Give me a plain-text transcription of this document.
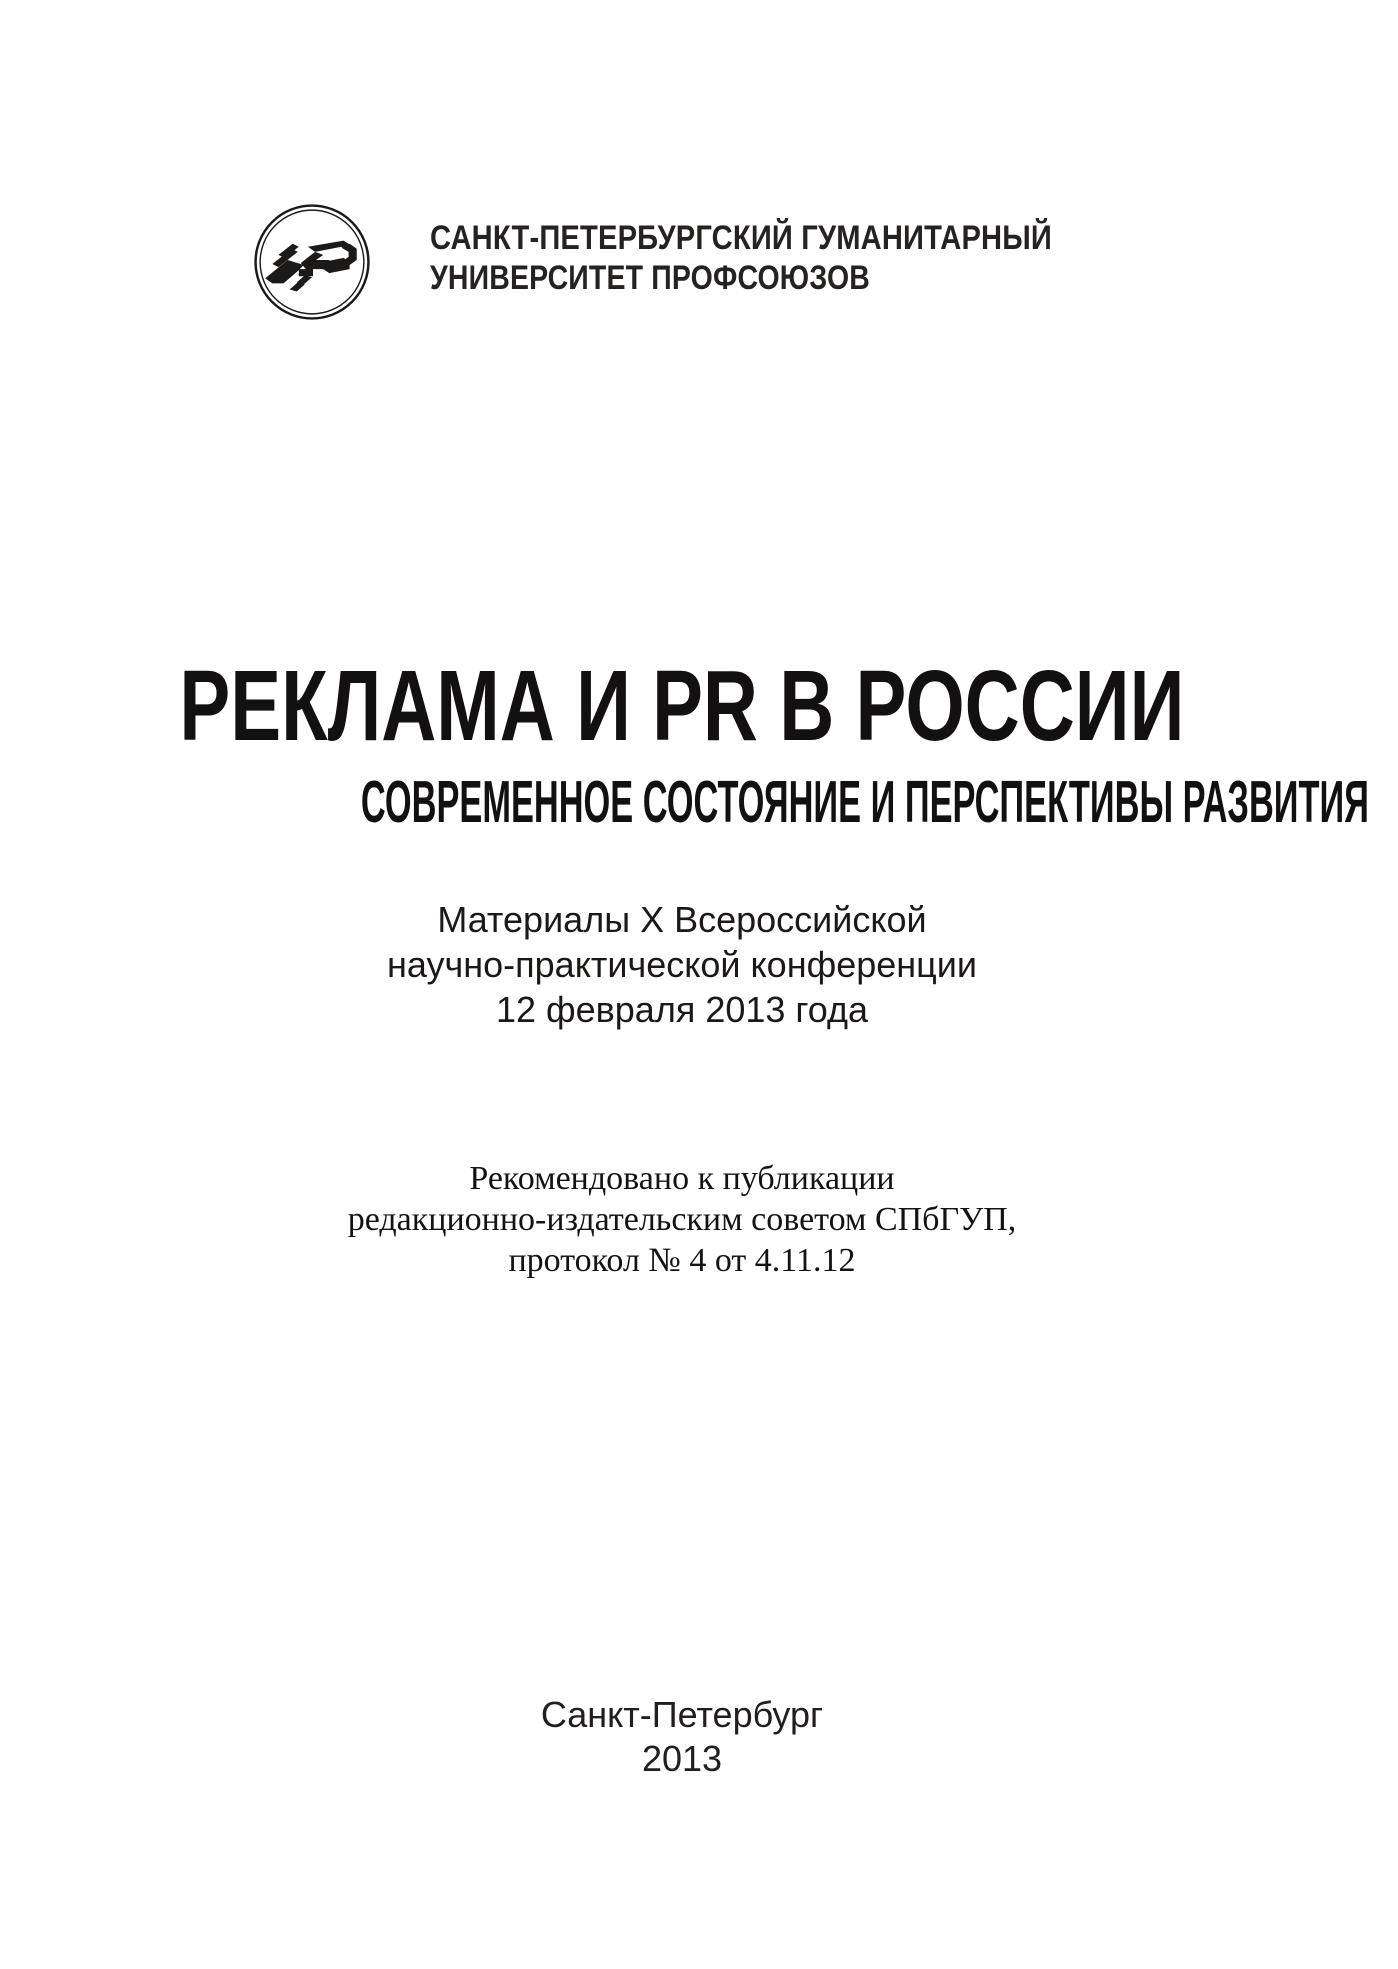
САНКТ-ПЕТЕРБУРГСКИЙ ГУМАНИТАРНЫЙ
УНИВЕРСИТЕТ ПРОФСОЮЗОВ
РЕКЛАМА И PR В РОССИИ
СОВРЕМЕННОЕ СОСТОЯНИЕ И ПЕРСПЕКТИВЫ РАЗВИТИЯ
Материалы X Всероссийской
научно-практической конференции
12 февраля 2013 года
Рекомендовано к публикации
редакционно-издательским советом СПбГУП,
протокол № 4 от 4.11.12
Санкт-Петербург
2013
